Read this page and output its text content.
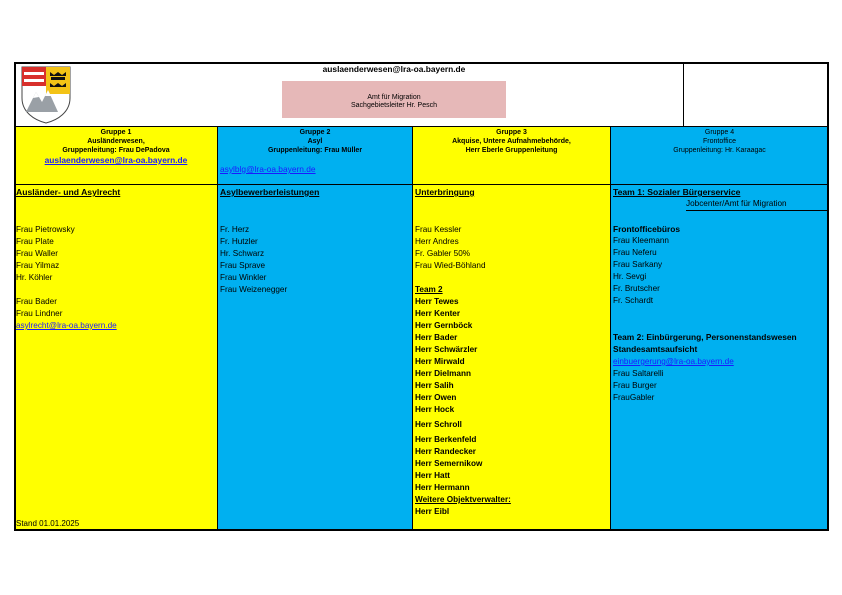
auslaenderwesen@lra-oa.bayern.de
Amt für Migration
Sachgebietsleiter Hr. Pesch
Gruppe 1
Ausländerwesen,
Gruppenleitung: Frau DePadova
auslaenderwesen@lra-oa.bayern.de
Gruppe 2
Asyl
Gruppenleitung: Frau Müller
asylblg@lra-oa.bayern.de
Gruppe 3
Akquise, Untere Aufnahmebehörde,
Herr Eberle Gruppenleitung
Gruppe 4
Frontoffice
Gruppenleitung: Hr. Karaagac
Ausländer- und Asylrecht
Frau Pietrowsky
Frau Plate
Frau Waller
Frau Yilmaz
Hr. Köhler
Frau Bader
Frau Lindner
asylrecht@lra-oa.bayern.de
Stand 01.01.2025
Asylbewerberleistungen
Fr. Herz
Fr. Hutzler
Hr. Schwarz
Frau Sprave
Frau Winkler
Frau Weizenegger
Unterbringung
Frau Kessler
Herr Andres
Fr. Gabler 50%
Frau Wied-Böhland
Team 2
Herr Tewes
Herr Kenter
Herr Gernböck
Herr Bader
Herr Schwärzler
Herr Mirwald
Herr Dielmann
Herr Salih
Herr Owen
Herr Hock
Herr Schroll
Herr Berkenfeld
Herr Randecker
Herr Semernikow
Herr Hatt
Herr Hermann
Weitere Objektverwalter:
Herr Eibl
Team 1: Sozialer Bürgerservice
Jobcenter/Amt für Migration
Frontofficebüros
Frau Kleemann
Frau Neferu
Frau Sarkany
Hr. Sevgi
Fr. Brutscher
Fr. Schardt
Team 2: Einbürgerung, Personenstandswesen
Standesamtsaufsicht
einbuergerung@lra-oa.bayern.de
Frau Saltarelli
Frau Burger
FrauGabler
